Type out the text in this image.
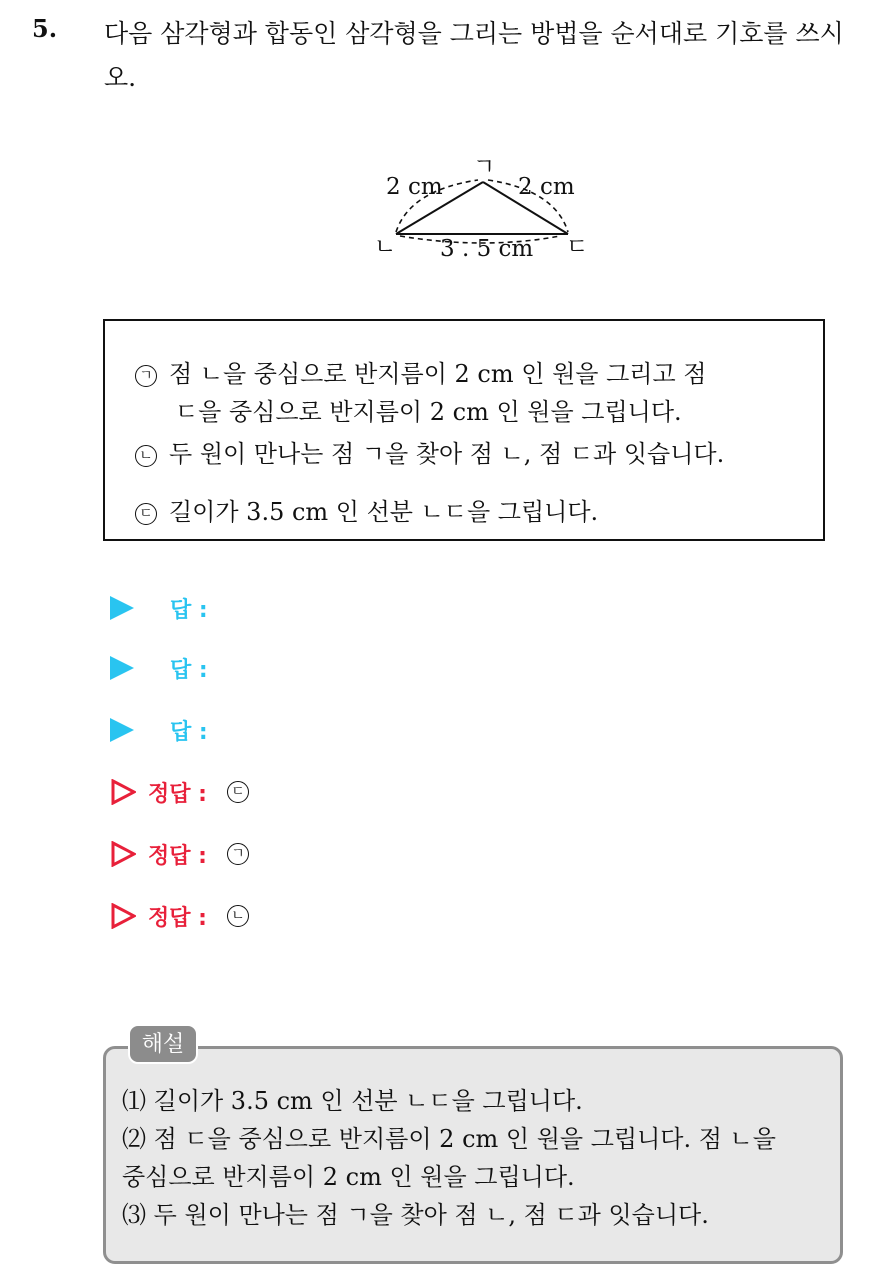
5. 다음 삼각형과 합동인 삼각형을 그리는 방법을 순서대로 기호를 쓰시오.
ㄱ
ㄴ	ㄷ
2 cm	2 cm
3 . 5 cm
ㄱ 점 ㄴ을 중심으로 반지름이 2 cm 인 원을 그리고 점
ㄷ을 중심으로 반지름이 2 cm 인 원을 그립니다.
ㄴ 두 원이 만나는 점 ㄱ을 찾아 점 ㄴ, 점 ㄷ과 잇습니다.
ㄷ 길이가 3.5 cm 인 선분 ㄴㄷ을 그립니다.
답 :
답 :
답 :
정답 :	ㄷ
정답 :	ㄱ
정답 :	ㄴ
해설
⑴ 길이가 3.5 cm 인 선분 ㄴㄷ을 그립니다.
⑵ 점 ㄷ을 중심으로 반지름이 2 cm 인 원을 그립니다. 점 ㄴ을
중심으로 반지름이 2 cm 인 원을 그립니다.
⑶ 두 원이 만나는 점 ㄱ을 찾아 점 ㄴ, 점 ㄷ과 잇습니다.
